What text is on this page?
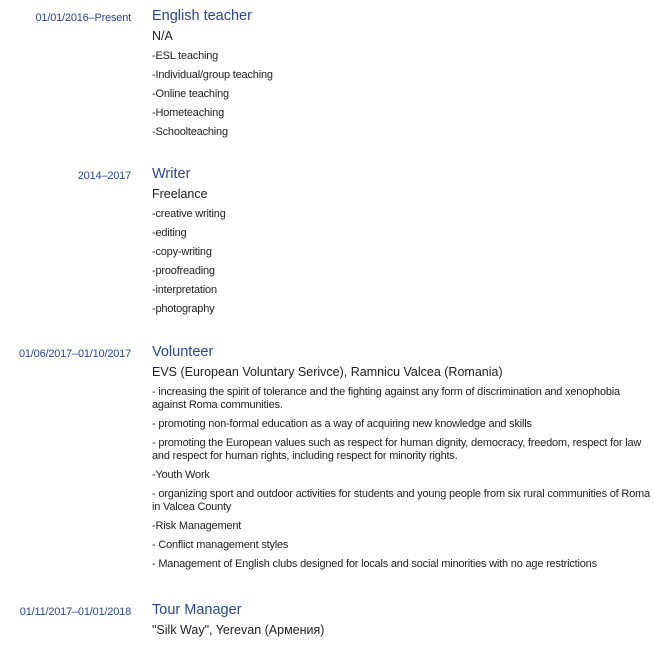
01/01/2016–Present English teacher
N/A
-ESL teaching
-Individual/group teaching
-Online teaching
-Hometeaching
-Schoolteaching
2014–2017 Writer
Freelance
-creative writing
-editing
-copy-writing
-proofreading
-interpretation
-photography
01/06/2017–01/10/2017 Volunteer
EVS (European Voluntary Serivce), Ramnicu Valcea (Romania)
- increasing the spirit of tolerance and the fighting against any form of discrimination and xenophobia against Roma communities.
- promoting non-formal education as a way of acquiring new knowledge and skills
- promoting the European values such as respect for human dignity, democracy, freedom, respect for law and respect for human rights, including respect for minority rights.
-Youth Work
- organizing sport and outdoor activities for students and young people from six rural communities of Roma in Valcea County
-Risk Management
- Conflict management styles
- Management of English clubs designed for locals and social minorities with no age restrictions
01/11/2017–01/01/2018 Tour Manager
"Silk Way", Yerevan (Армения)
